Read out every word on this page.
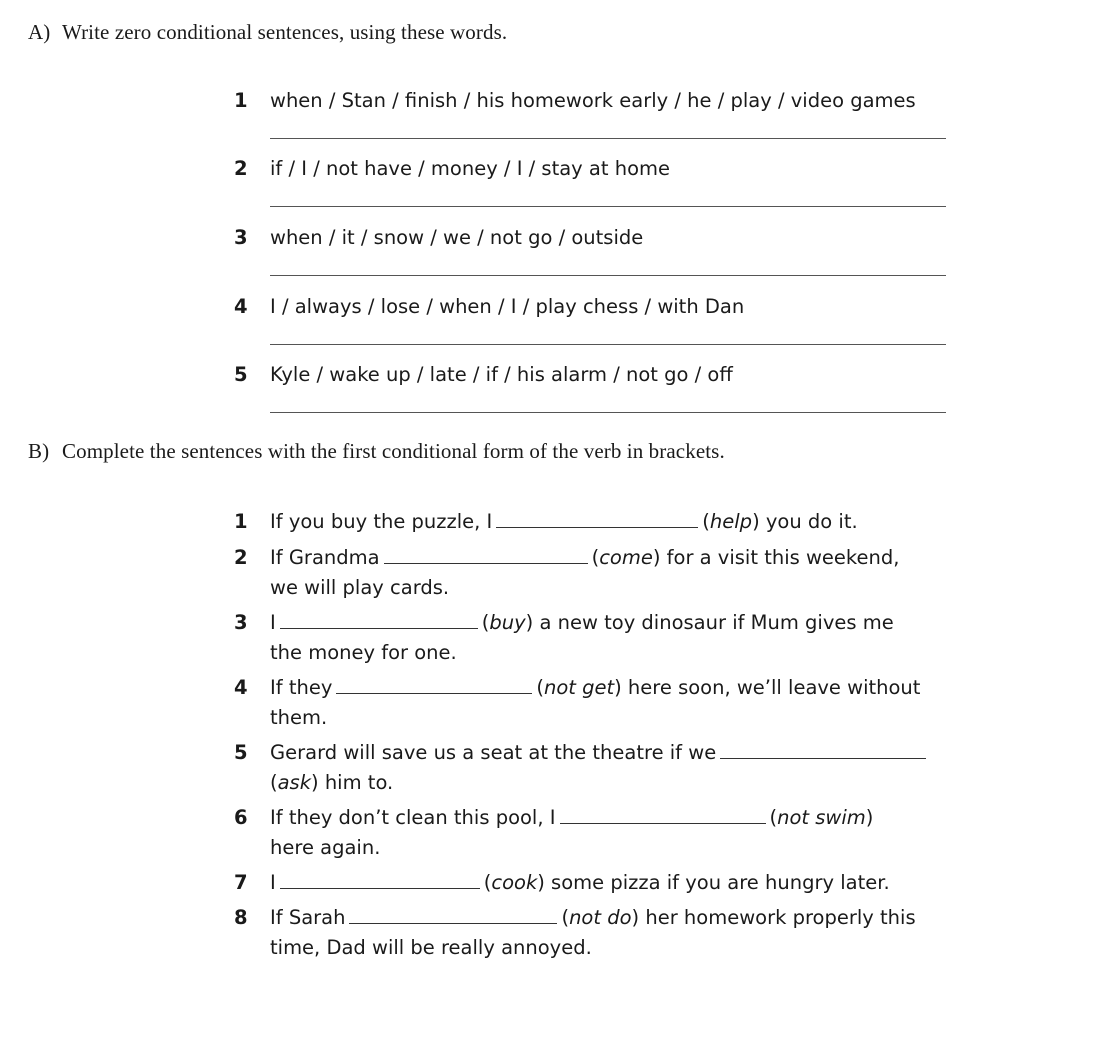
A) Write zero conditional sentences, using these words.
1 when / Stan / finish / his homework early / he / play / video games
2 if / I / not have / money / I / stay at home
3 when / it / snow / we / not go / outside
4 I / always / lose / when / I / play chess / with Dan
5 Kyle / wake up / late / if / his alarm / not go / off
B) Complete the sentences with the first conditional form of the verb in brackets.
1 If you buy the puzzle, I	(help) you do it.
2 If Grandma	(come) for a visit this weekend,
we will play cards.
3 I	(buy) a new toy dinosaur if Mum gives me
the money for one.
4 If they	(not get) here soon, we’ll leave without
them.
5 Gerard will save us a seat at the theatre if we
(ask) him to.
6 If they don’t clean this pool, I	(not swim)
here again.
7 I	(cook) some pizza if you are hungry later.
8 If Sarah	(not do) her homework properly this
time, Dad will be really annoyed.
